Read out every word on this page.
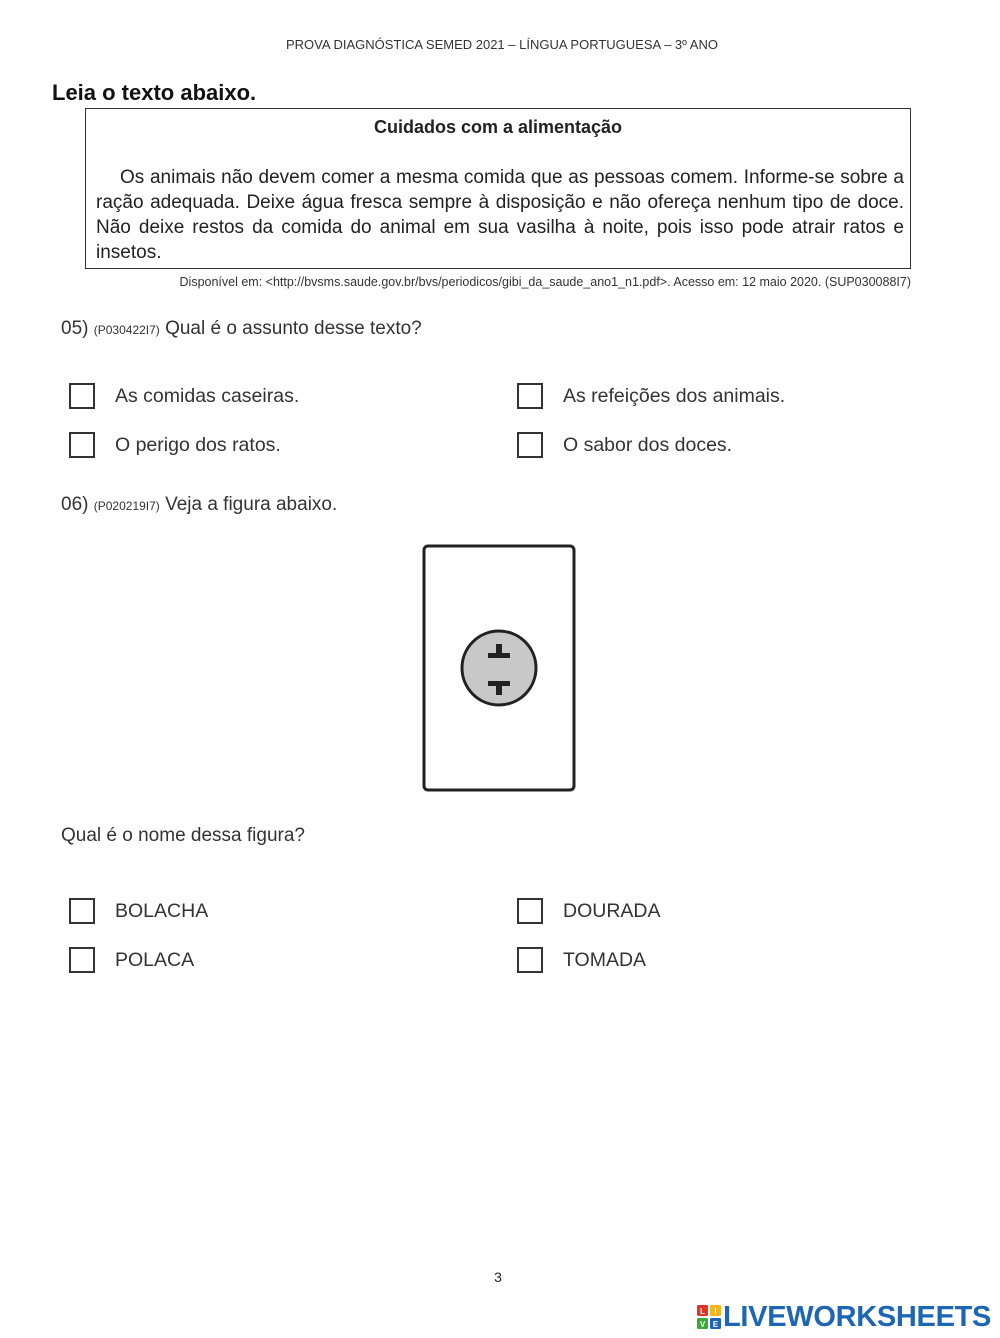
PROVA DIAGNÓSTICA SEMED 2021 – LÍNGUA PORTUGUESA – 3º ANO
Leia o texto abaixo.
Cuidados com a alimentação
Os animais não devem comer a mesma comida que as pessoas comem. Informe-se sobre a ração adequada. Deixe água fresca sempre à disposição e não ofereça nenhum tipo de doce. Não deixe restos da comida do animal em sua vasilha à noite, pois isso pode atrair ratos e insetos.
Disponível em: <http://bvsms.saude.gov.br/bvs/periodicos/gibi_da_saude_ano1_n1.pdf>. Acesso em: 12 maio 2020. (SUP030088I7)
05) (P030422I7) Qual é o assunto desse texto?
As comidas caseiras.	As refeições dos animais.
O perigo dos ratos.	O sabor dos doces.
06) (P020219I7) Veja a figura abaixo.
Qual é o nome dessa figura?
BOLACHA	DOURADA
POLACA	TOMADA
3
L I
V E LIVEWORKSHEETS
